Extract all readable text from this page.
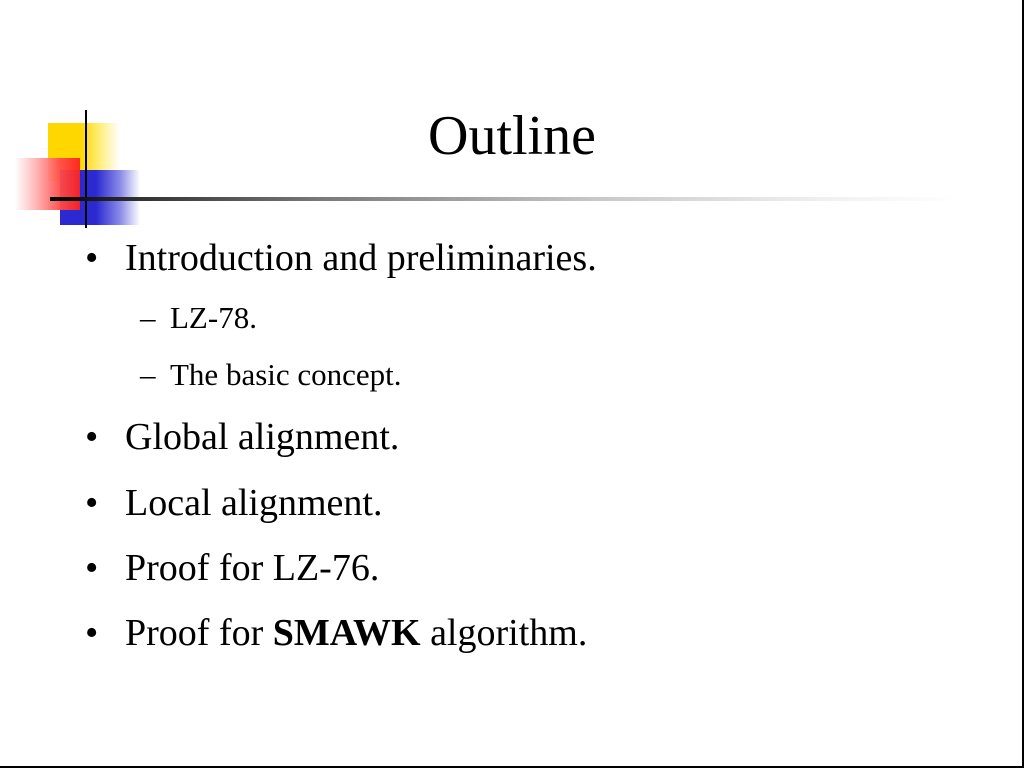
Outline
• Introduction and preliminaries.
– LZ-78.
– The basic concept.
• Global alignment.
• Local alignment.
• Proof for LZ-76.
• Proof for SMAWK algorithm.
